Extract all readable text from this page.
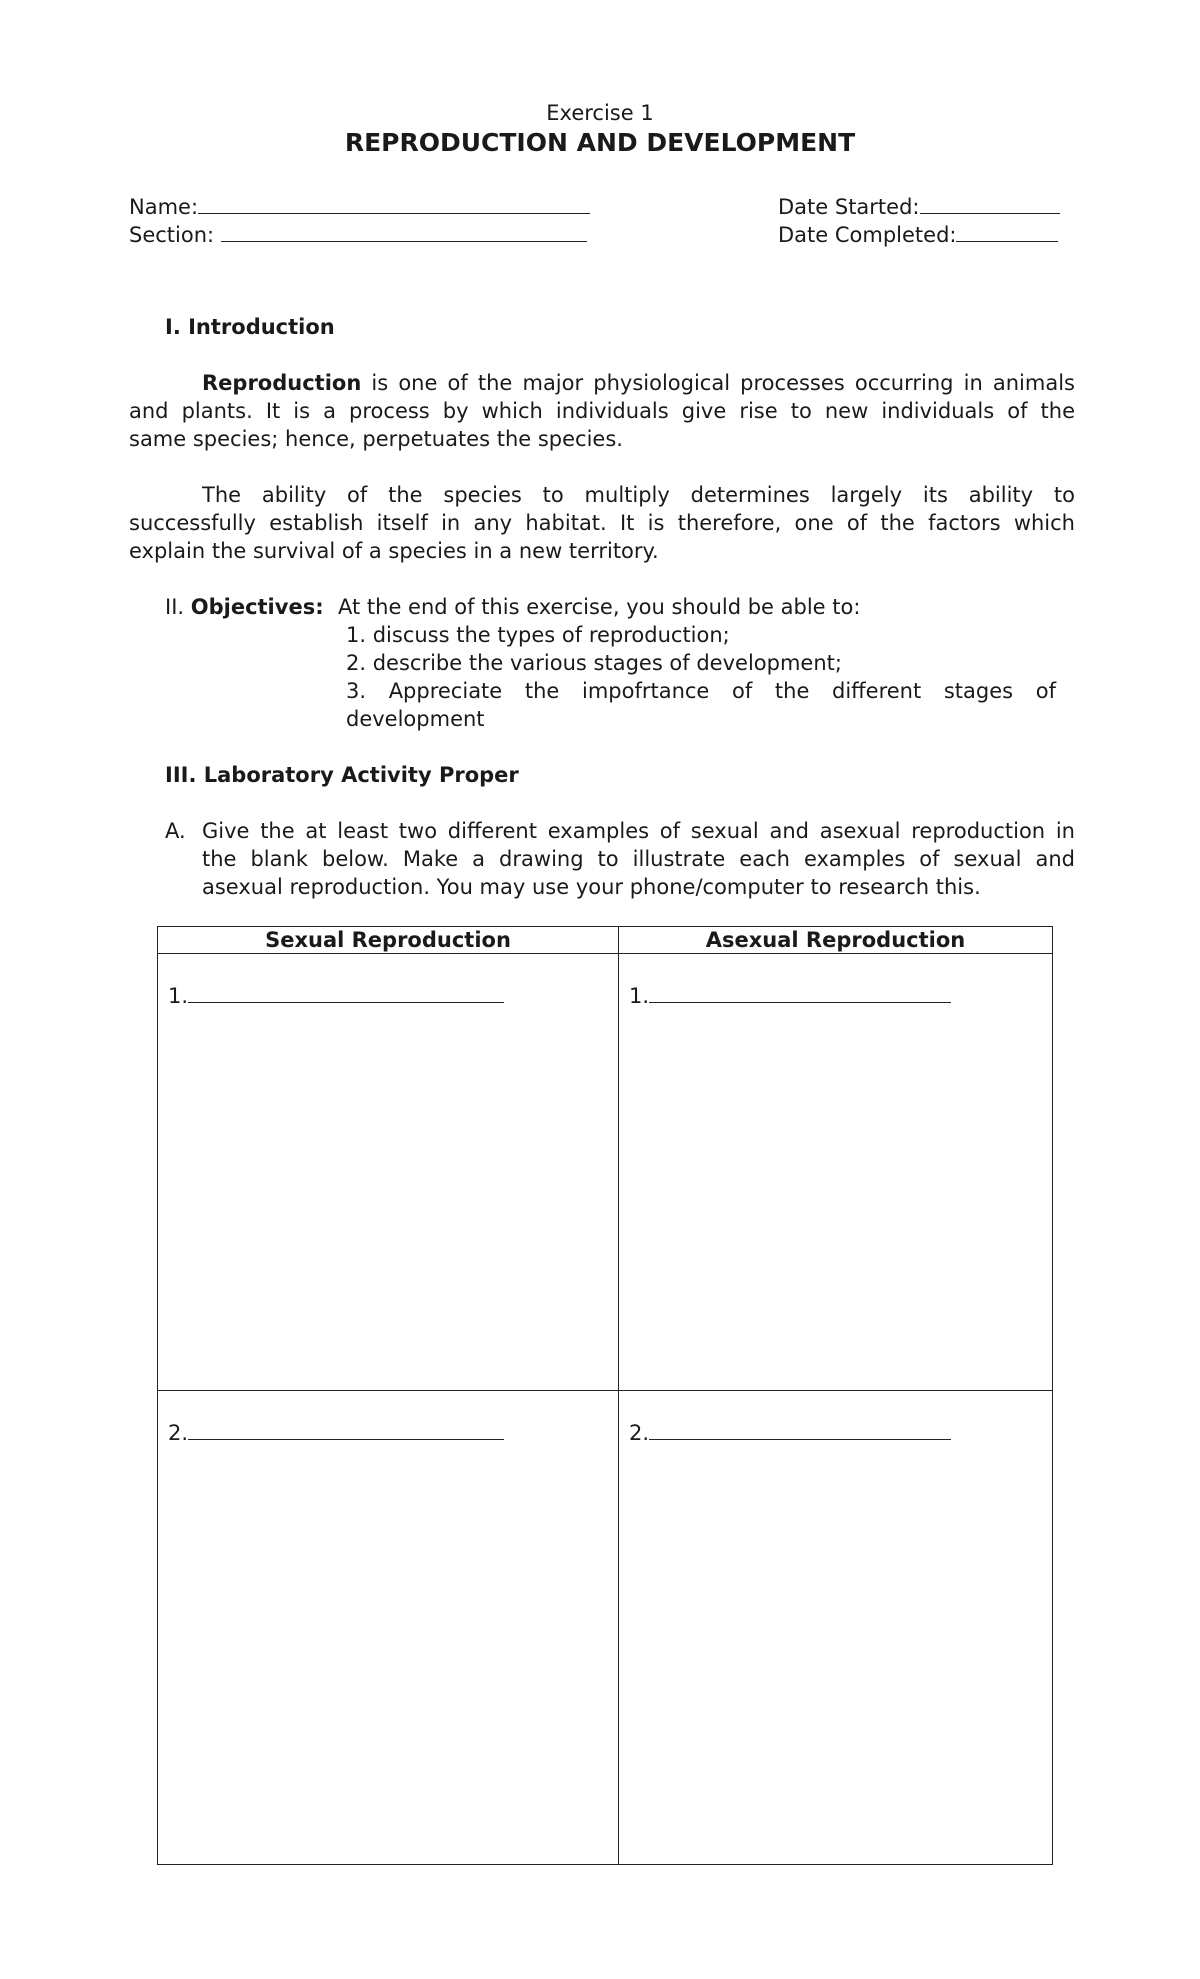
Exercise 1
REPRODUCTION AND DEVELOPMENT
Name:
Section:
Date Started:
Date Completed:
I. Introduction
Reproduction is one of the major physiological processes occurring in animals
and plants. It is a process by which individuals give rise to new individuals of the
same species; hence, perpetuates the species.
The ability of the species to multiply determines largely its ability to
successfully establish itself in any habitat. It is therefore, one of the factors which
explain the survival of a species in a new territory.
II. Objectives: At the end of this exercise, you should be able to:
1. discuss the types of reproduction;
2. describe the various stages of development;
3. Appreciate the impofrtance of the different stages of
development
III. Laboratory Activity Proper
A. Give the at least two different examples of sexual and asexual reproduction in
the blank below. Make a drawing to illustrate each examples of sexual and
asexual reproduction. You may use your phone/computer to research this.
Sexual Reproduction	Asexual Reproduction

1.	1.

2.	2.
